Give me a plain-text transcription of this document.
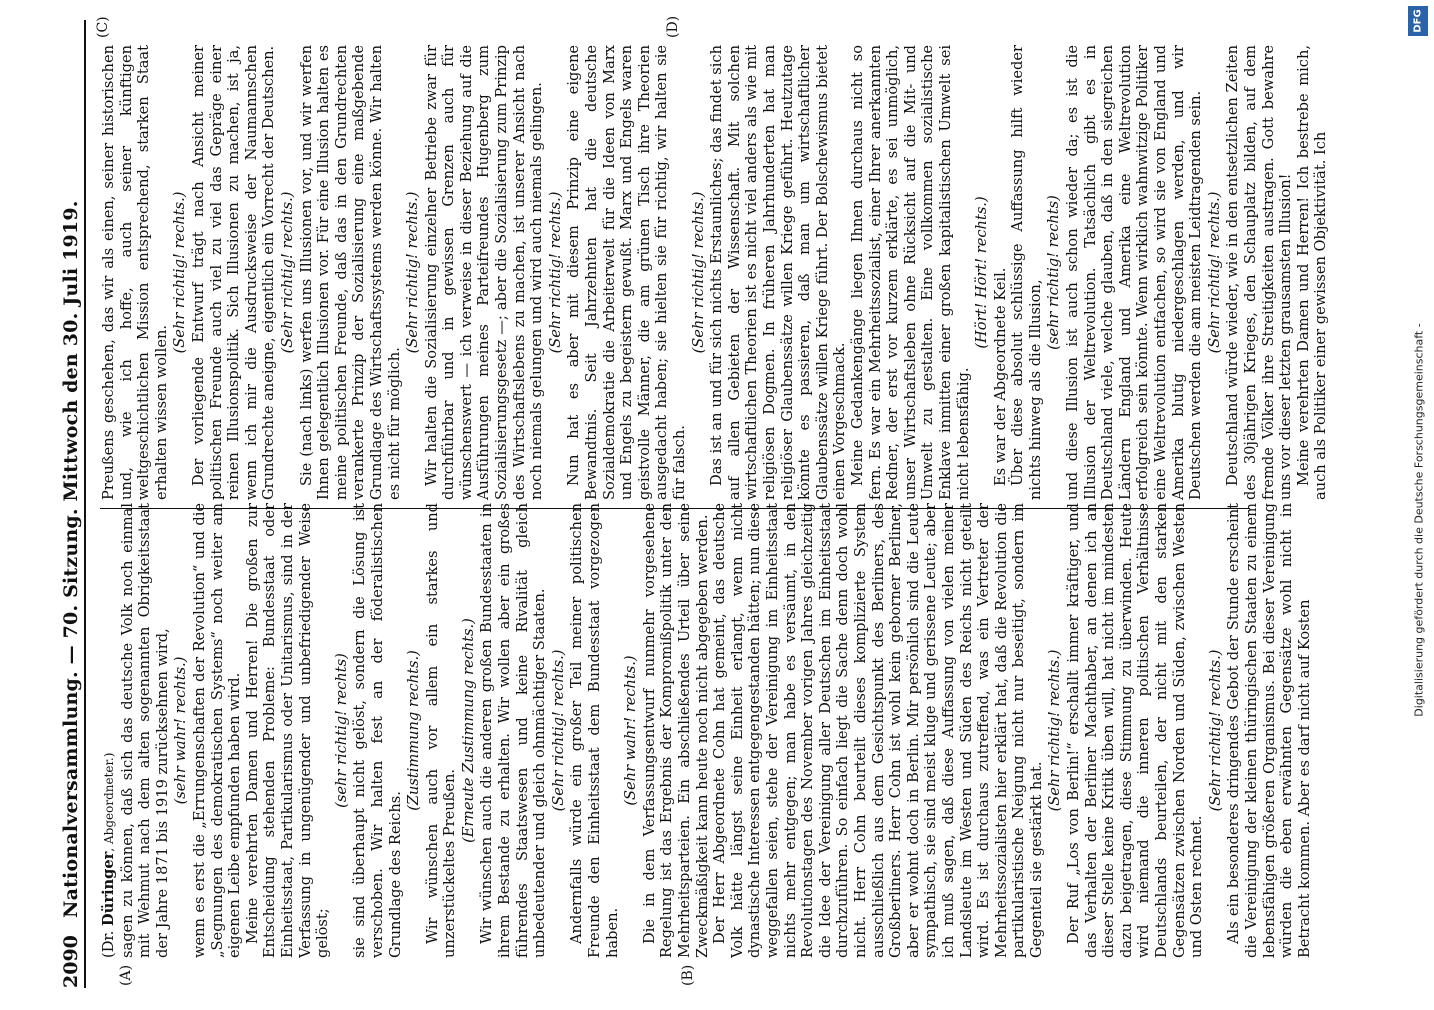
2090
Nationalversammlung. — 70. Sitzung. Mittwoch den 30. Juli 1919.
(A)	(B)
(C)	(D)

(Dr. Düringer, Abgeordneter.) sagen zu können, daß sich das deutsche Volk noch einmal mit Wehmut nach dem alten sogenannten Obrigkeitsstaat der Jahre 1871 bis 1919 zurücksehnen wird, (sehr wahr! rechts.) wenn es erst die „Errungenschaften der Revolution“ und die „Segnungen des demokratischen Systems“ noch weiter am eigenen Leibe empfunden haben wird. Meine verehrten Damen und Herren! Die großen zur Entscheidung stehenden Probleme: Bundesstaat oder Einheitsstaat, Partikularismus oder Unitarismus, sind in der Verfassung in ungenügender und unbefriedigender Weise gelöst;

(sehr richtig! rechts) sie sind überhaupt nicht gelöst, sondern die Lösung ist verschoben. Wir halten fest an der föderalistischen Grundlage des Reichs.

(Zustimmung rechts.) Wir wünschen auch vor allem ein starkes und unzerstückeltes Preußen.

(Erneute Zustimmung rechts.) Wir wünschen auch die anderen großen Bundesstaaten in ihrem Bestande zu erhalten. Wir wollen aber ein großes führendes Staatswesen und keine Rivalität gleich unbedeutender und gleich ohnmächtiger Staaten. (Sehr richtig! rechts.) Andernfalls würde ein großer Teil meiner politischen Freunde den Einheitsstaat dem Bundesstaat vorgezogen haben.

(Sehr wahr! rechts.) Die in dem Verfassungsentwurf nunmehr vorgesehene Regelung ist das Ergebnis der Kompromißpolitik unter den Mehrheitsparteien. Ein abschließendes Urteil über seine Zweckmäßigkeit kann heute noch nicht abgegeben werden. Der Herr Abgeordnete Cohn hat gemeint, das deutsche Volk hätte längst seine Einheit erlangt, wenn nicht dynastische Interessen entgegengestanden hätten; nun diese weggefallen seien, stehe der Vereinigung im Einheitsstaat nichts mehr entgegen; man habe es versäumt, in den Revolutionstagen des November vorigen Jahres gleichzeitig die Idee der Vereinigung aller Deutschen im Einheitsstaat durchzuführen. So einfach liegt die Sache denn doch wohl nicht. Herr Cohn beurteilt dieses komplizierte System ausschließlich aus dem Gesichtspunkt des Berliners, des Großberliners. Herr Cohn ist wohl kein geborner Berliner, aber er wohnt doch in Berlin. Mir persönlich sind die Leute sympathisch, sie sind meist kluge und gerissene Leute; aber ich muß sagen, daß diese Auffassung von vielen meiner Landsleute im Westen und Süden des Reichs nicht geteilt wird. Es ist durchaus zutreffend, was ein Vertreter der Mehrheitssozialisten hier erklärt hat, daß die Revolution die partikularistische Neigung nicht nur beseitigt, sondern im Gegenteil sie gestärkt hat.

(Sehr richtig! rechts.) Der Ruf „Los von Berlin!“ erschallt immer kräftiger, und das Verhalten der Berliner Machthaber, an denen ich an dieser Stelle keine Kritik üben will, hat nicht im mindesten dazu beigetragen, diese Stimmung zu überwinden. Heute wird niemand die inneren politischen Verhältnisse Deutschlands beurteilen, der nicht mit den starken Gegensätzen zwischen Norden und Süden, zwischen Westen und Osten rechnet.

(Sehr richtig! rechts.) Als ein besonderes dringendes Gebot der Stunde erscheint die Vereinigung der kleinen thüringischen Staaten zu einem lebensfähigen größeren Organismus. Bei dieser Vereinigung würden die eben erwähnten Gegensätze wohl nicht in Betracht kommen. Aber es darf nicht auf Kosten

Preußens geschehen, das wir als einen, seiner historischen und, wie ich hoffe, auch seiner künftigen weltgeschichtlichen Mission entsprechend, starken Staat erhalten wissen wollen.

(Sehr richtig! rechts.) Der vorliegende Entwurf trägt nach Ansicht meiner politischen Freunde auch viel zu viel das Gepräge einer reinen Illusionspolitik. Sich Illusionen zu machen, ist ja, wenn ich mir die Ausdrucksweise der Naumannschen Grundrechte aneigne, eigentlich ein Vorrecht der Deutschen. (Sehr richtig! rechts.) Sie (nach links) werfen uns Illusionen vor, und wir werfen Ihnen gelegentlich Illusionen vor. Für eine Illusion halten es meine politischen Freunde, daß das in den Grundrechten verankerte Prinzip der Sozialisierung eine maßgebende Grundlage des Wirtschaftssystems werden könne. Wir halten es nicht für möglich.

(Sehr richtig! rechts.) Wir halten die Sozialisierung einzelner Betriebe zwar für durchführbar und in gewissen Grenzen auch für wünschenswert — ich verweise in dieser Beziehung auf die Ausführungen meines Parteifreundes Hugenberg zum Sozialisierungsgesetz —; aber die Sozialisierung zum Prinzip des Wirtschaftslebens zu machen, ist unserer Ansicht nach noch niemals gelungen und wird auch niemals gelingen. (Sehr richtig! rechts.) Nun hat es aber mit diesem Prinzip eine eigene Bewandtnis. Seit Jahrzehnten hat die deutsche Sozialdemokratie die Arbeiterwelt für die Ideen von Marx und Engels zu begeistern gewußt. Marx und Engels waren geistvolle Männer, die am grünen Tisch ihre Theorien ausgedacht haben; sie hielten sie für richtig, wir halten sie für falsch.

(Sehr richtig! rechts.) Das ist an und für sich nichts Erstaunliches; das findet sich auf allen Gebieten der Wissenschaft. Mit solchen wirtschaftlichen Theorien ist es nicht viel anders als wie mit religiösen Dogmen. In früheren Jahrhunderten hat man religiöser Glaubenssätze willen Kriege geführt. Heutzutage könnte es passieren, daß man um wirtschaftlicher Glaubenssätze willen Kriege führt. Der Bolschewismus bietet einen Vorgeschmack. Meine Gedankengänge liegen Ihnen durchaus nicht so fern. Es war ein Mehrheitssozialist, einer Ihrer anerkannten Redner, der erst vor kurzem erklärte, es sei unmöglich, unser Wirtschaftsleben ohne Rücksicht auf die Mit- und Umwelt zu gestalten. Eine vollkommen sozialistische Enklave inmitten einer großen kapitalistischen Umwelt sei nicht lebensfähig.

(Hört! Hört! rechts.) Es war der Abgeordnete Keil. Über diese absolut schlüssige Auffassung hilft wieder nichts hinweg als die Illusion,

(sehr richtig! rechts) und diese Illusion ist auch schon wieder da; es ist die Illusion der Weltrevolution. Tatsächlich gibt es in Deutschland viele, welche glauben, daß in den siegreichen Ländern England und Amerika eine Weltrevolution erfolgreich sein könnte. Wenn wirklich wahnwitzige Politiker eine Weltrevolution entfachen, so wird sie von England und Amerika blutig niedergeschlagen werden, und wir Deutschen werden die am meisten Leidtragenden sein. (Sehr richtig! rechts.) Deutschland würde wieder, wie in den entsetzlichen Zeiten des 30jährigen Krieges, den Schauplatz bilden, auf dem fremde Völker ihre Streitigkeiten austragen. Gott bewahre uns vor dieser letzten grausamsten Illusion! Meine verehrten Damen und Herren! Ich bestrebe mich, auch als Politiker einer gewissen Objektivität. Ich

DFG
Digitalisierung gefördert durch die Deutsche Forschungsgemeinschaft -
